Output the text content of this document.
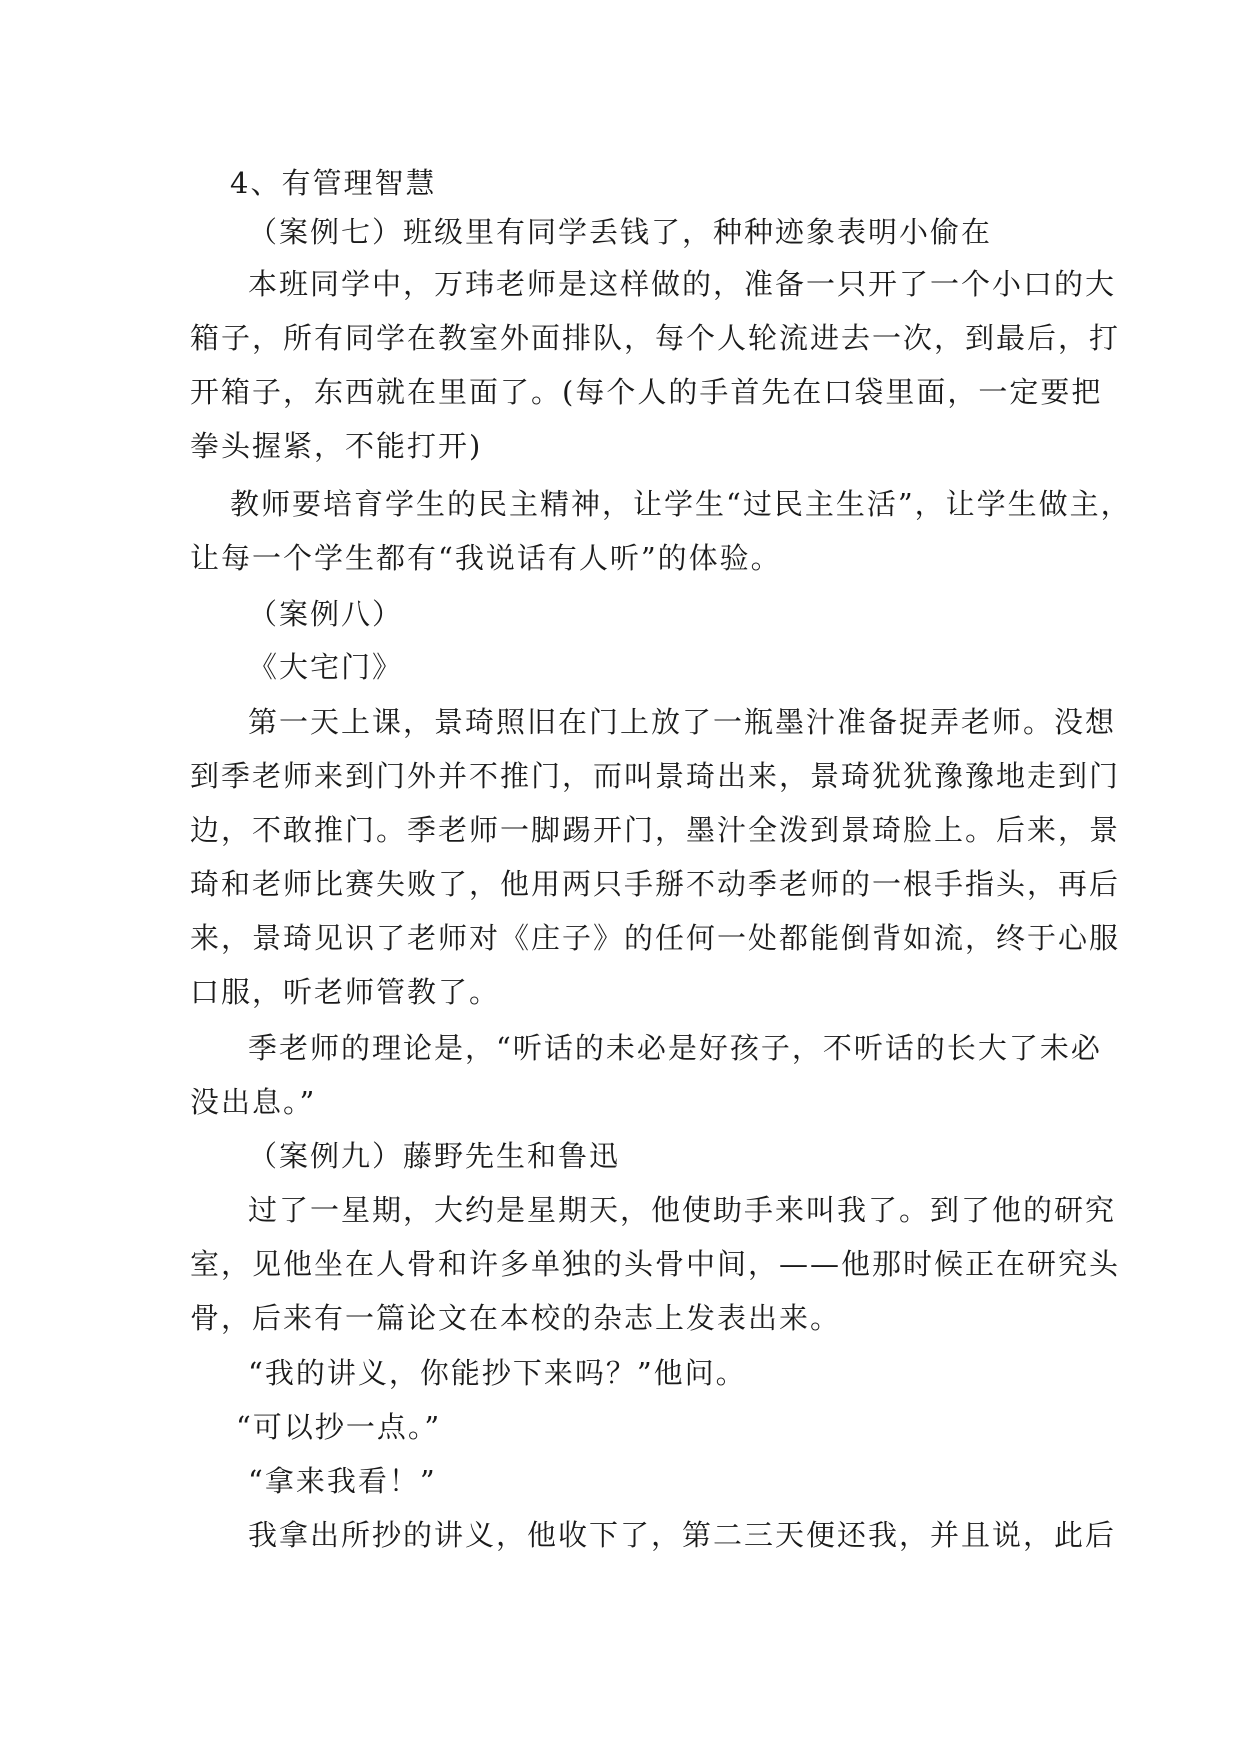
4、有管理智慧
（案例七）班级里有同学丢钱了，种种迹象表明小偷在
本班同学中，万玮老师是这样做的，准备一只开了一个小口的大
箱子，所有同学在教室外面排队，每个人轮流进去一次，到最后，打
开箱子，东西就在里面了。(每个人的手首先在口袋里面，一定要把
拳头握紧，不能打开)
教师要培育学生的民主精神，让学生“过民主生活”，让学生做主，
让每一个学生都有“我说话有人听”的体验。
（案例八）
《大宅门》
第一天上课，景琦照旧在门上放了一瓶墨汁准备捉弄老师。没想
到季老师来到门外并不推门，而叫景琦出来，景琦犹犹豫豫地走到门
边，不敢推门。季老师一脚踢开门，墨汁全泼到景琦脸上。后来，景
琦和老师比赛失败了，他用两只手掰不动季老师的一根手指头，再后
来，景琦见识了老师对《庄子》的任何一处都能倒背如流，终于心服
口服，听老师管教了。
季老师的理论是，“听话的未必是好孩子，不听话的长大了未必
没出息。”
（案例九）藤野先生和鲁迅
过了一星期，大约是星期天，他使助手来叫我了。到了他的研究
室，见他坐在人骨和许多单独的头骨中间，——他那时候正在研究头
骨，后来有一篇论文在本校的杂志上发表出来。
“我的讲义，你能抄下来吗？”他问。
“可以抄一点。”
“拿来我看！”
我拿出所抄的讲义，他收下了，第二三天便还我，并且说，此后
